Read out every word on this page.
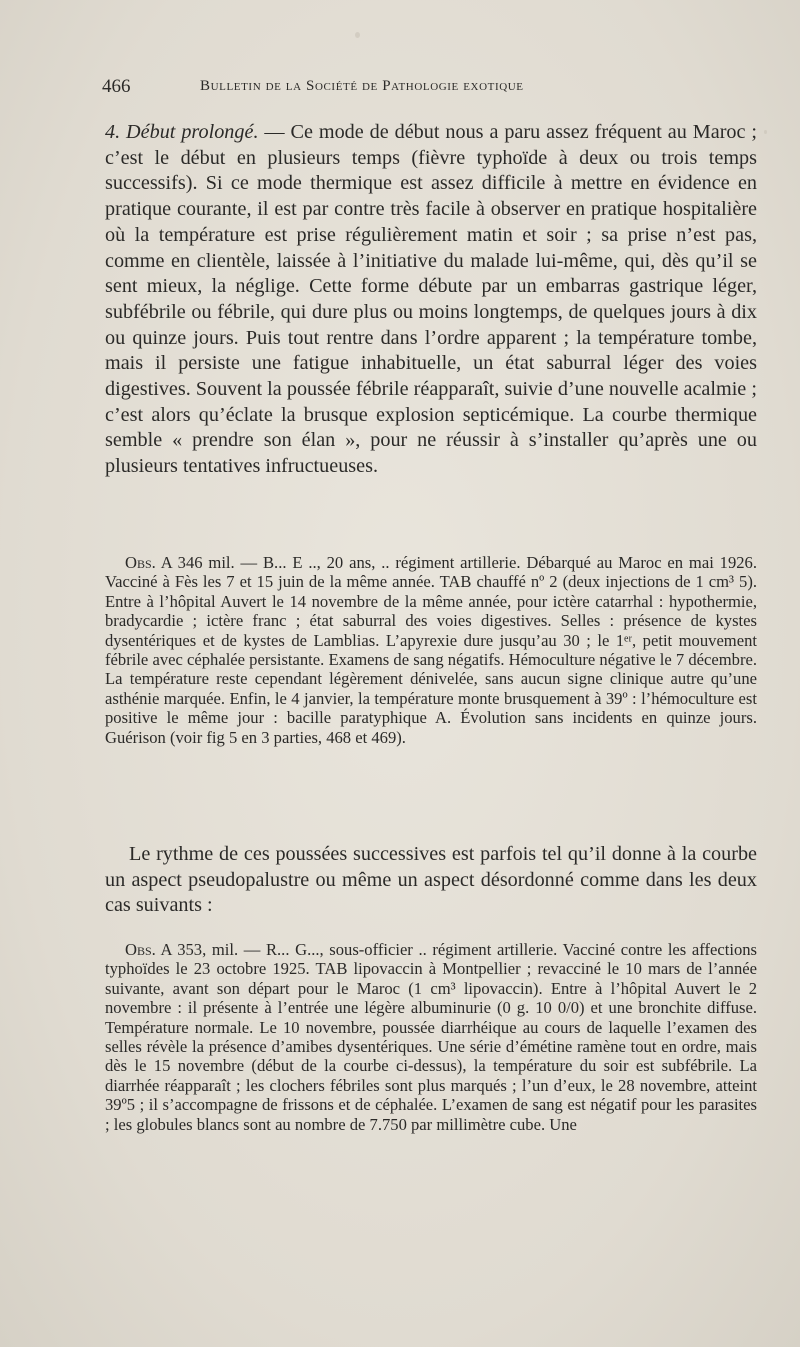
466	Bulletin de la Société de Pathologie exotique

4. Début prolongé. — Ce mode de début nous a paru assez fréquent au Maroc ; c’est le début en plusieurs temps (fièvre typhoïde à deux ou trois temps successifs). Si ce mode thermique est assez difficile à mettre en évidence en pratique courante, il est par contre très facile à observer en pratique hospitalière où la température est prise régulièrement matin et soir ; sa prise n’est pas, comme en clientèle, laissée à l’initiative du malade lui-même, qui, dès qu’il se sent mieux, la néglige. Cette forme débute par un embarras gastrique léger, subfébrile ou fébrile, qui dure plus ou moins longtemps, de quelques jours à dix ou quinze jours. Puis tout rentre dans l’ordre apparent ; la température tombe, mais il persiste une fatigue inhabituelle, un état saburral léger des voies digestives. Souvent la poussée fébrile réapparaît, suivie d’une nouvelle acalmie ; c’est alors qu’éclate la brusque explosion septicémique. La courbe thermique semble « prendre son élan », pour ne réussir à s’installer qu’après une ou plusieurs tentatives infructueuses.

Obs. A 346 mil. — B... E .., 20 ans, .. régiment artillerie. Débarqué au Maroc en mai 1926. Vacciné à Fès les 7 et 15 juin de la même année. TAB chauffé nº 2 (deux injections de 1 cm³ 5). Entre à l’hôpital Auvert le 14 novembre de la même année, pour ictère catarrhal : hypothermie, bradycardie ; ictère franc ; état saburral des voies digestives. Selles : présence de kystes dysentériques et de kystes de Lamblias. L’apyrexie dure jusqu’au 30 ; le 1ᵉʳ, petit mouvement fébrile avec céphalée persistante. Examens de sang négatifs. Hémoculture négative le 7 décembre. La température reste cependant légèrement dénivelée, sans aucun signe clinique autre qu’une asthénie marquée. Enfin, le 4 janvier, la température monte brusquement à 39º : l’hémoculture est positive le même jour : bacille paratyphique A. Évolution sans incidents en quinze jours. Guérison (voir fig 5 en 3 parties, 468 et 469).

Le rythme de ces poussées successives est parfois tel qu’il donne à la courbe un aspect pseudopalustre ou même un aspect désordonné comme dans les deux cas suivants :

Obs. A 353, mil. — R... G..., sous-officier .. régiment artillerie. Vacciné contre les affections typhoïdes le 23 octobre 1925. TAB lipovaccin à Montpellier ; revacciné le 10 mars de l’année suivante, avant son départ pour le Maroc (1 cm³ lipovaccin). Entre à l’hôpital Auvert le 2 novembre : il présente à l’entrée une légère albuminurie (0 g. 10 0/0) et une bronchite diffuse. Température normale. Le 10 novembre, poussée diarrhéique au cours de laquelle l’examen des selles révèle la présence d’amibes dysentériques. Une série d’émétine ramène tout en ordre, mais dès le 15 novembre (début de la courbe ci-dessus), la température du soir est subfébrile. La diarrhée réapparaît ; les clochers fébriles sont plus marqués ; l’un d’eux, le 28 novembre, atteint 39º5 ; il s’accompagne de frissons et de céphalée. L’examen de sang est négatif pour les parasites ; les globules blancs sont au nombre de 7.750 par millimètre cube. Une
